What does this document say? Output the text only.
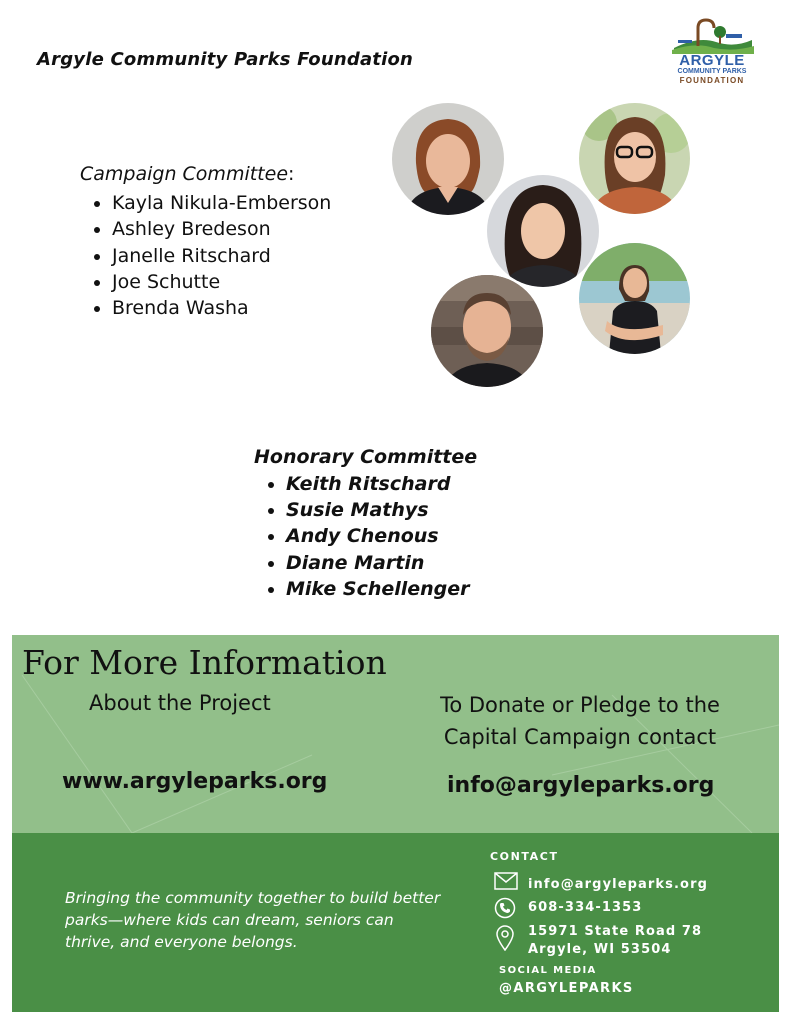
Argyle Community Parks Foundation	ARGYLE
COMMUNITY PARKS
FOUNDATION
Campaign Committee:
• Kayla Nikula-Emberson
• Ashley Bredeson
• Janelle Ritschard
• Joe Schutte
• Brenda Washa
Honorary Committee
• Keith Ritschard
• Susie Mathys
• Andy Chenous
• Diane Martin
• Mike Schellenger
For More Information
About the Project	To Donate or Pledge to the
Capital Campaign contact
www.argyleparks.org	info@argyleparks.org
Bringing the community together to build better
parks—where kids can dream, seniors can
thrive, and everyone belongs.
CONTACT
info@argyleparks.org
608-334-1353
15971 State Road 78
Argyle, WI 53504
SOCIAL MEDIA
@ARGYLEPARKS
